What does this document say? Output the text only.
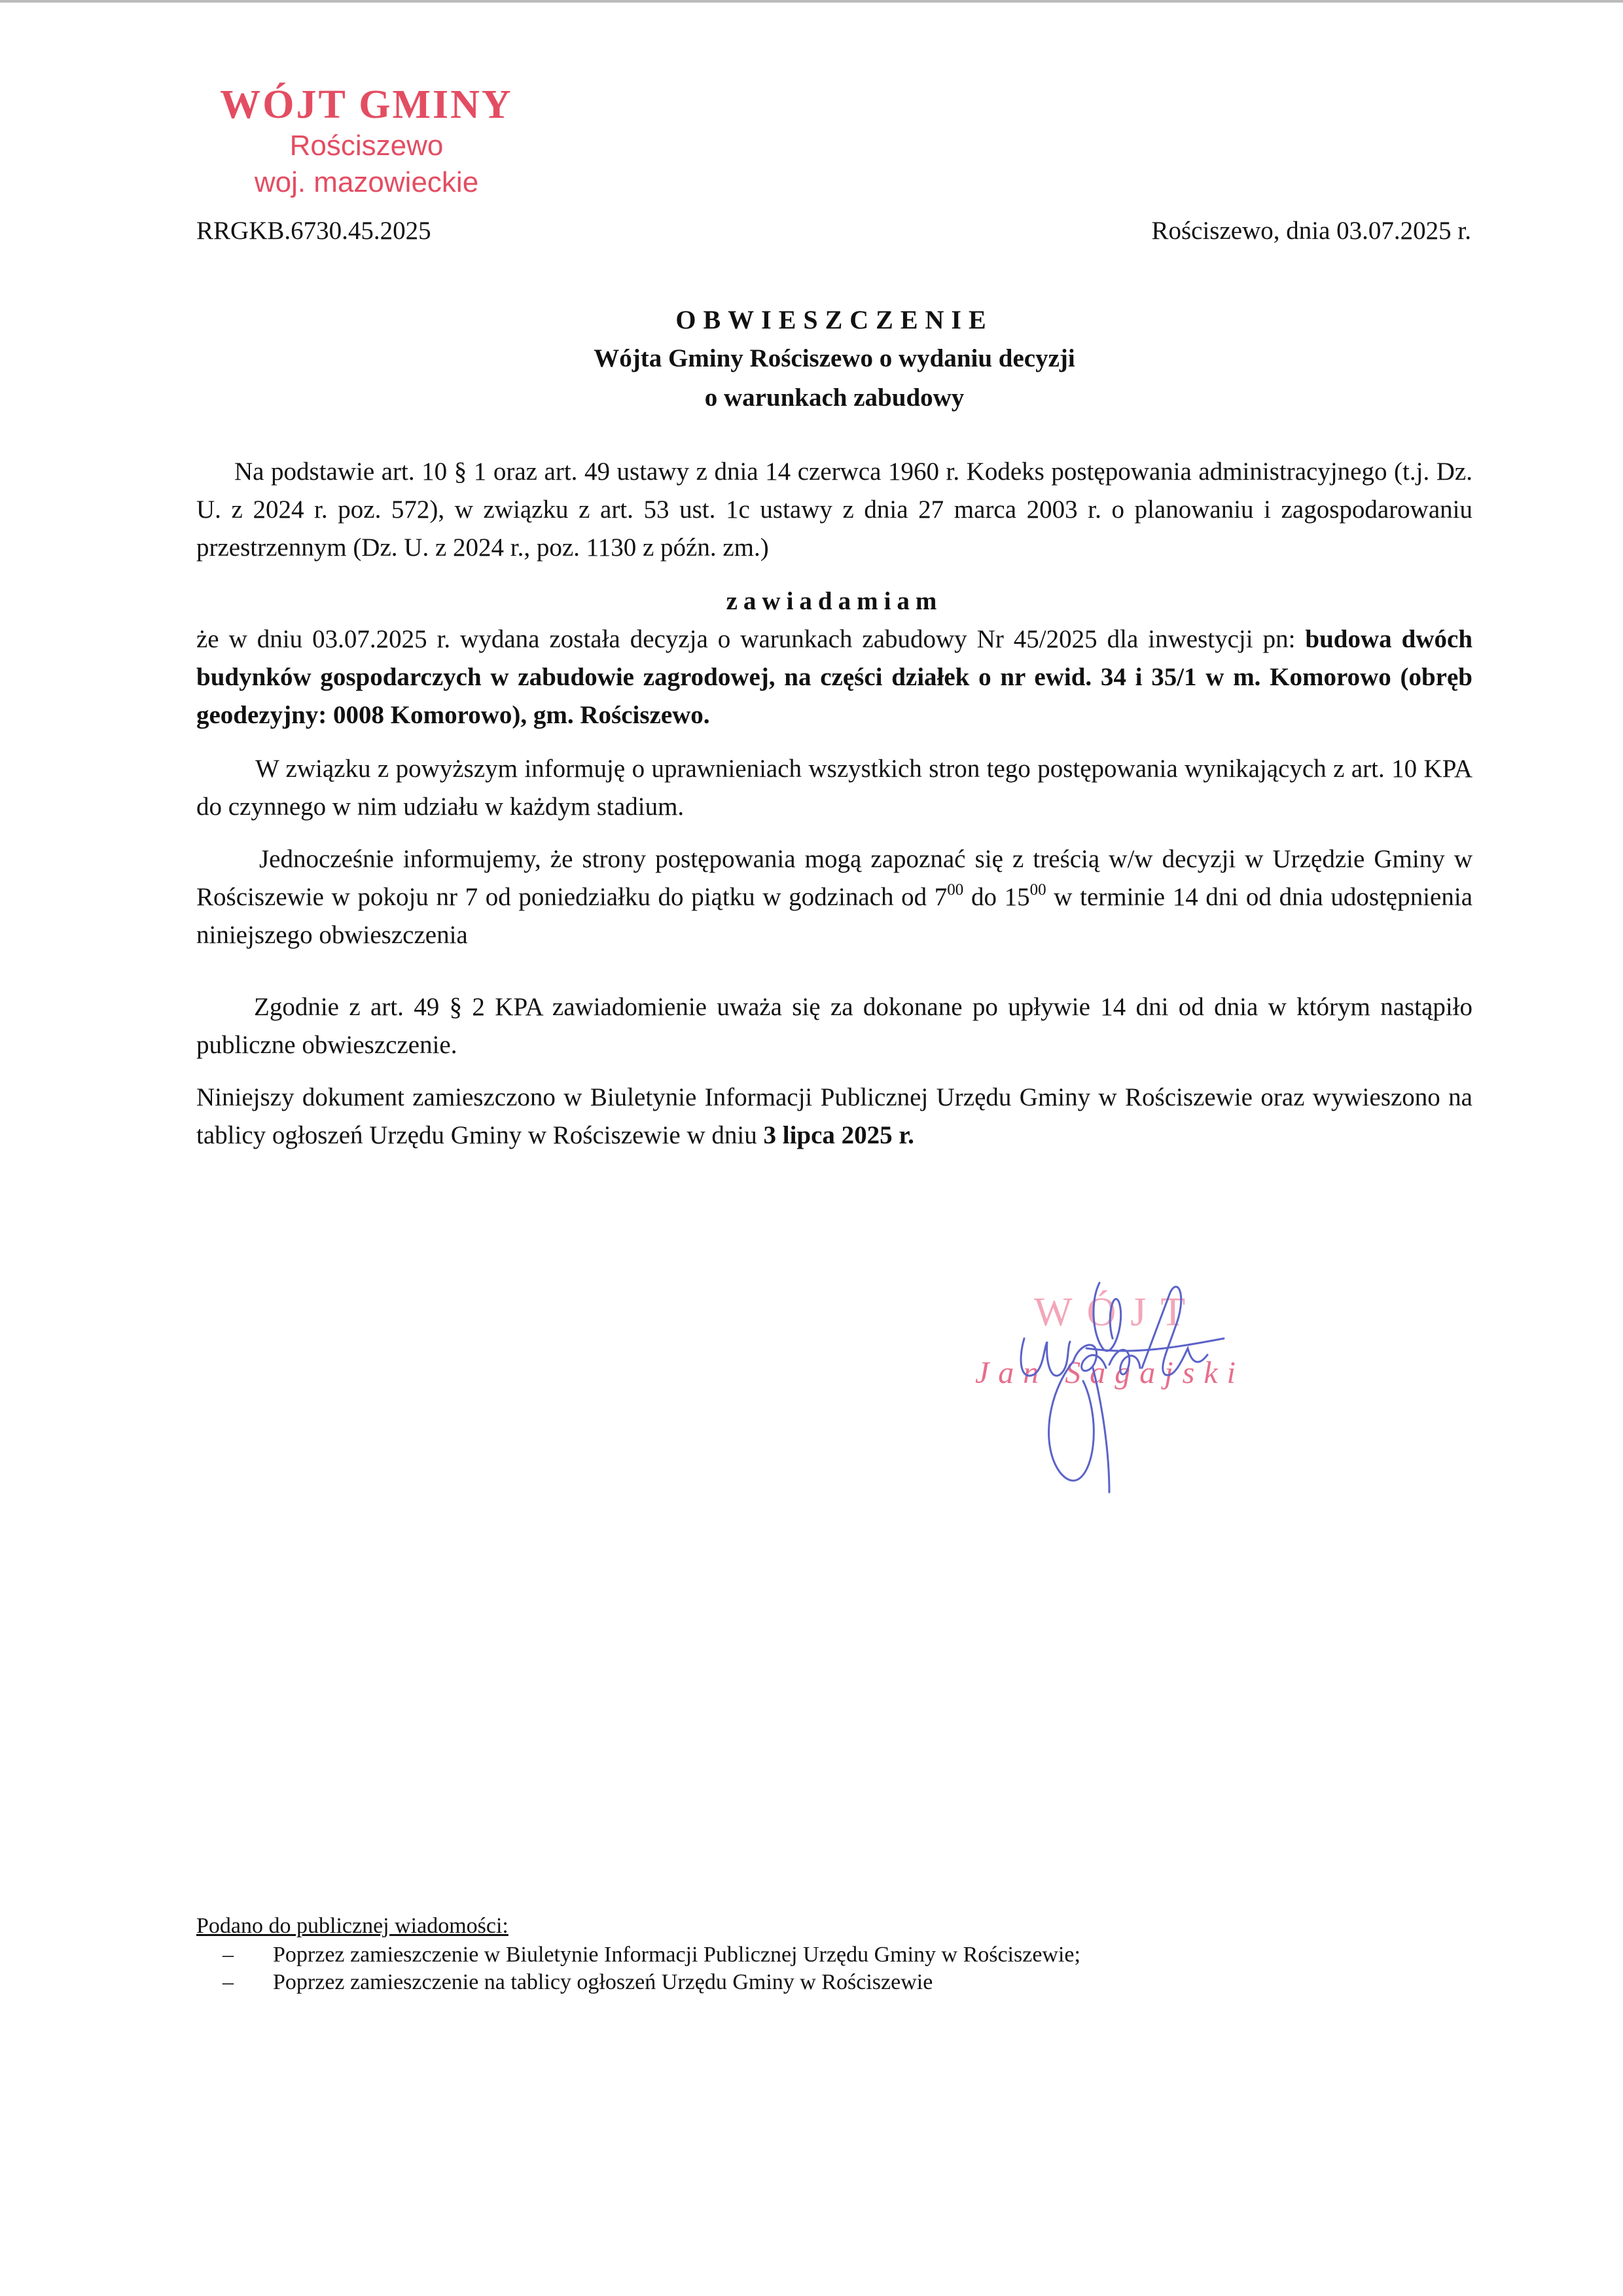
WÓJT GMINY
Rościszewo
woj. mazowieckie
RRGKB.6730.45.2025	Rościszewo, dnia 03.07.2025 r.
OBWIESZCZENIE
Wójta Gminy Rościszewo o wydaniu decyzji
o warunkach zabudowy

Na podstawie art. 10 § 1 oraz art. 49 ustawy z dnia 14 czerwca 1960 r. Kodeks postępowania administracyjnego (t.j. Dz. U. z 2024 r. poz. 572), w związku z art. 53 ust. 1c ustawy z dnia 27 marca 2003 r. o planowaniu i zagospodarowaniu przestrzennym (Dz. U. z 2024 r., poz. 1130 z późn. zm.)

zawiadamiam

że w dniu 03.07.2025 r. wydana została decyzja o warunkach zabudowy Nr 45/2025 dla inwestycji pn: budowa dwóch budynków gospodarczych w zabudowie zagrodowej, na części działek o nr ewid. 34 i 35/1 w m. Komorowo (obręb geodezyjny: 0008 Komorowo), gm. Rościszewo.

W związku z powyższym informuję o uprawnieniach wszystkich stron tego postępowania wynikających z art. 10 KPA do czynnego w nim udziału w każdym stadium.

Jednocześnie informujemy, że strony postępowania mogą zapoznać się z treścią w/w decyzji w Urzędzie Gminy w Rościszewie w pokoju nr 7 od poniedziałku do piątku w godzinach od $7^{00}$ do $15^{00}$ w terminie 14 dni od dnia udostępnienia niniejszego obwieszczenia

Zgodnie z art. 49 § 2 KPA zawiadomienie uważa się za dokonane po upływie 14 dni od dnia w którym nastąpiło publiczne obwieszczenie.

Niniejszy dokument zamieszczono w Biuletynie Informacji Publicznej Urzędu Gminy w Rościszewie oraz wywieszono na tablicy ogłoszeń Urzędu Gminy w Rościszewie w dniu 3 lipca 2025 r.

WÓJT
Jan Sagajski
Podano do publicznej wiadomości:
– Poprzez zamieszczenie w Biuletynie Informacji Publicznej Urzędu Gminy w Rościszewie;
– Poprzez zamieszczenie na tablicy ogłoszeń Urzędu Gminy w Rościszewie
